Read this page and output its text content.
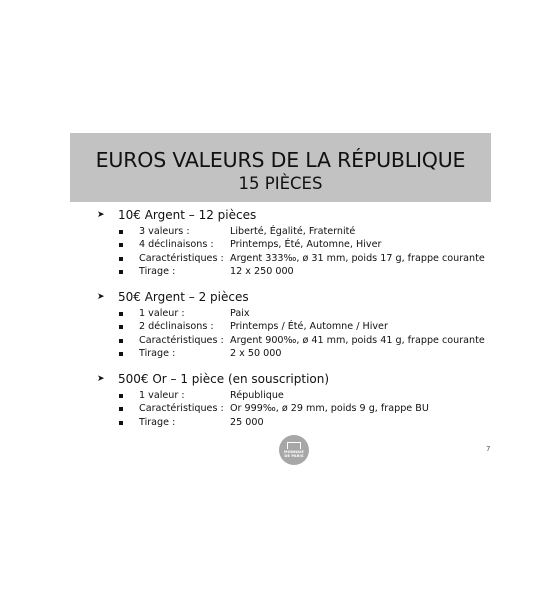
EUROS VALEURS DE LA RÉPUBLIQUE
15 PIÈCES
➤ 10€ Argent – 12 pièces
3 valeurs :	Liberté, Égalité, Fraternité
4 déclinaisons : Printemps, Été, Automne, Hiver
Caractéristiques : Argent 333‰, ø 31 mm, poids 17 g, frappe courante
Tirage :	12 x 250 000
➤ 50€ Argent – 2 pièces
1 valeur :	Paix
2 déclinaisons : Printemps / Été, Automne / Hiver
Caractéristiques : Argent 900‰, ø 41 mm, poids 41 g, frappe courante
Tirage :	2 x 50 000
➤ 500€ Or – 1 pièce (en souscription)
1 valeur :	République
Caractéristiques : Or 999‰, ø 29 mm, poids 9 g, frappe BU
Tirage :	25 000
MONNAIE
DE PARIS
7
